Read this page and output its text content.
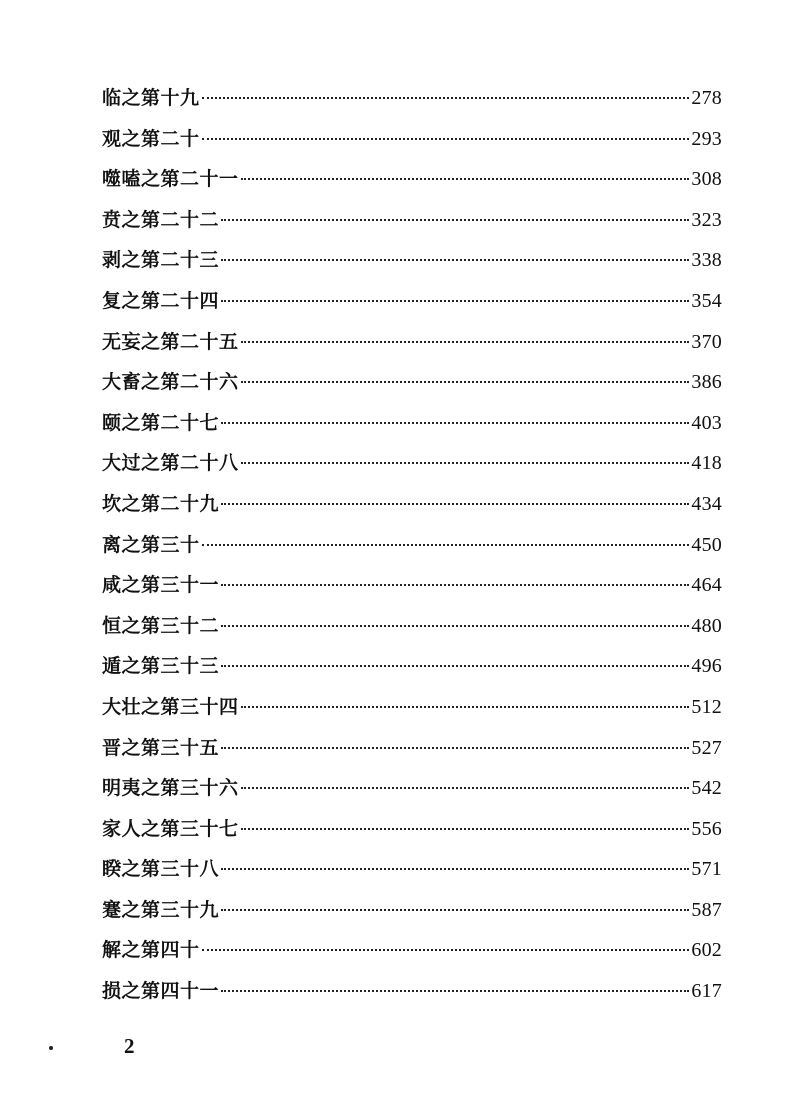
临之第十九	278
观之第二十	293
噬嗑之第二十一	308
贲之第二十二	323
剥之第二十三	338
复之第二十四	354
无妄之第二十五	370
大畜之第二十六	386
颐之第二十七	403
大过之第二十八	418
坎之第二十九	434
离之第三十	450
咸之第三十一	464
恒之第三十二	480
遁之第三十三	496
大壮之第三十四	512
晋之第三十五	527
明夷之第三十六	542
家人之第三十七	556
睽之第三十八	571
蹇之第三十九	587
解之第四十	602
损之第四十一	617
2
